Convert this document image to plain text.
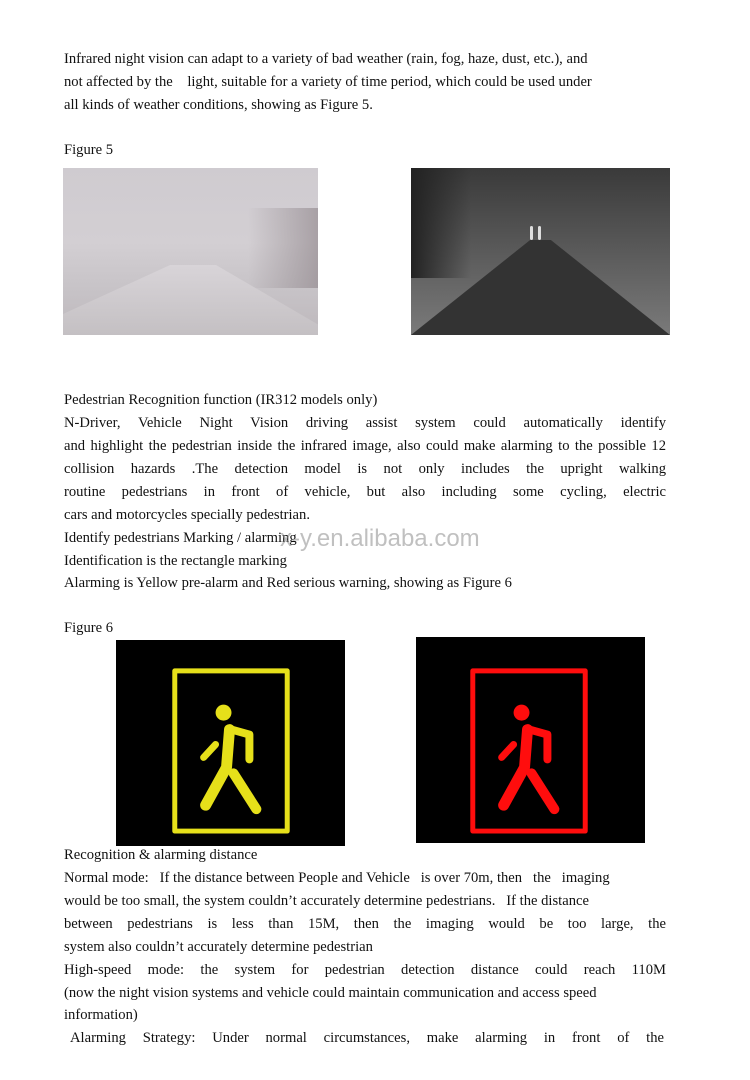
Infrared night vision can adapt to a variety of bad weather (rain, fog, haze, dust, etc.), and
not affected by the    light, suitable for a variety of time period, which could be used under
all kinds of weather conditions, showing as Figure 5.
Figure 5
Pedestrian Recognition function (IR312 models only)
N-Driver, Vehicle Night Vision driving assist system could automatically identify
and highlight the pedestrian inside the infrared image, also could make alarming to the possible 12
collision hazards .The detection model is not only includes the upright walking
routine pedestrians in front of vehicle, but also including some cycling, electric
cars and motorcycles specially pedestrian.
Identify pedestrians Marking / alarming
Identification is the rectangle marking
Alarming is Yellow pre-alarm and Red serious warning, showing as Figure 6
x-y.en.alibaba.com
Figure 6
Recognition & alarming distance
Normal mode:   If the distance between People and Vehicle   is over 70m, then   the   imaging
would be too small, the system couldn’t accurately determine pedestrians.   If the distance
between pedestrians is less than 15M, then the imaging would be too large, the
system also couldn’t accurately determine pedestrian
High-speed mode: the system for pedestrian detection distance could reach 110M
(now the night vision systems and vehicle could maintain communication and access speed
information)
Alarming Strategy: Under normal circumstances, make alarming in front of the
